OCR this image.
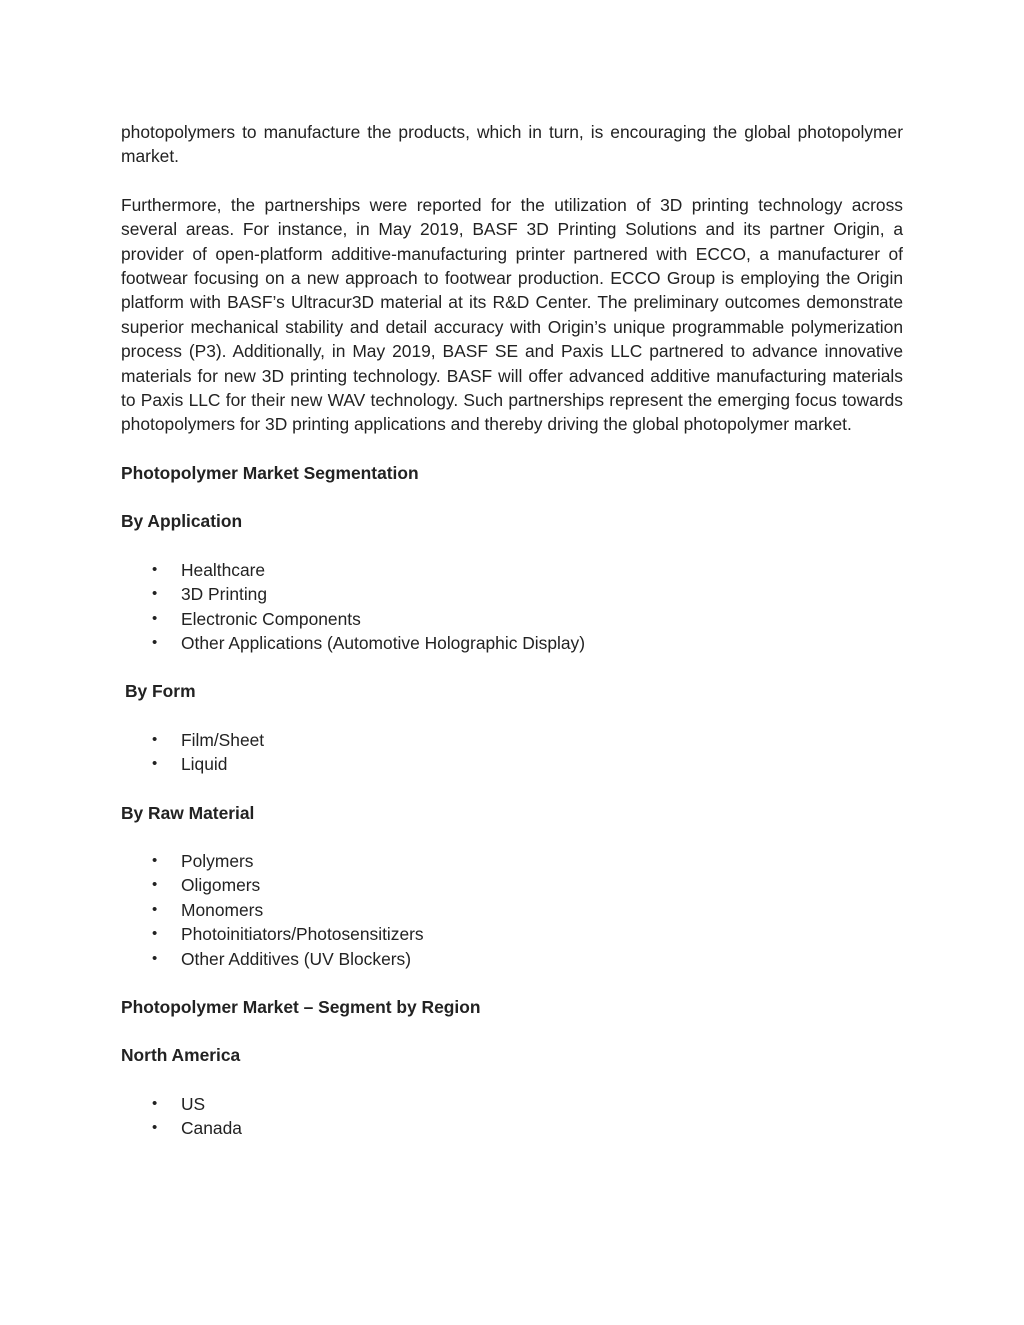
photopolymers to manufacture the products, which in turn, is encouraging the global photopolymer market.

Furthermore, the partnerships were reported for the utilization of 3D printing technology across several areas. For instance, in May 2019, BASF 3D Printing Solutions and its partner Origin, a provider of open-platform additive-manufacturing printer partnered with ECCO, a manufacturer of footwear focusing on a new approach to footwear production. ECCO Group is employing the Origin platform with BASF’s Ultracur3D material at its R&D Center. The preliminary outcomes demonstrate superior mechanical stability and detail accuracy with Origin’s unique programmable polymerization process (P3). Additionally, in May 2019, BASF SE and Paxis LLC partnered to advance innovative materials for new 3D printing technology. BASF will offer advanced additive manufacturing materials to Paxis LLC for their new WAV technology. Such partnerships represent the emerging focus towards photopolymers for 3D printing applications and thereby driving the global photopolymer market.

Photopolymer Market Segmentation

By Application

• Healthcare
• 3D Printing
• Electronic Components
• Other Applications (Automotive Holographic Display)

By Form

• Film/Sheet
• Liquid

By Raw Material

• Polymers
• Oligomers
• Monomers
• Photoinitiators/Photosensitizers
• Other Additives (UV Blockers)

Photopolymer Market – Segment by Region

North America

• US
• Canada
